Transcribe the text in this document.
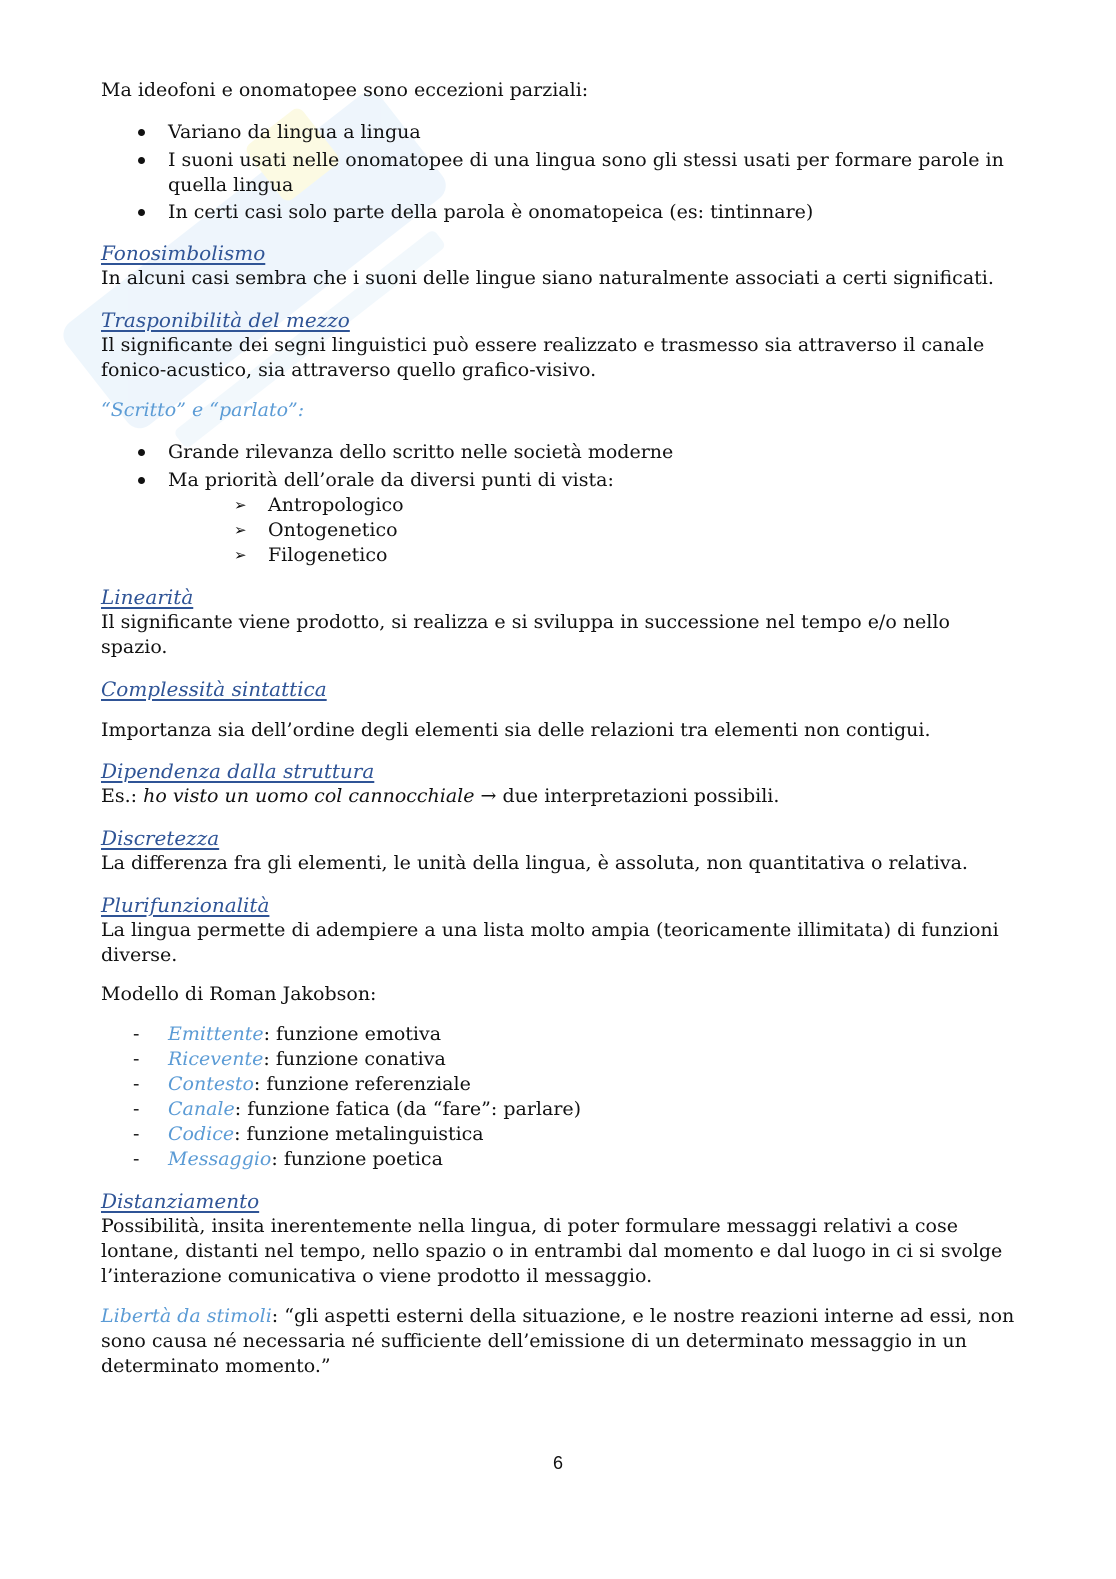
Ma ideofoni e onomatopee sono eccezioni parziali:

Variano da lingua a lingua
I suoni usati nelle onomatopee di una lingua sono gli stessi usati per formare parole in quella lingua
In certi casi solo parte della parola è onomatopeica (es: tintinnare)
Fonosimbolismo

In alcuni casi sembra che i suoni delle lingue siano naturalmente associati a certi significati.

Trasponibilità del mezzo

Il significante dei segni linguistici può essere realizzato e trasmesso sia attraverso il canale fonico-acustico, sia attraverso quello grafico-visivo.

“Scritto” e “parlato”:

Grande rilevanza dello scritto nelle società moderne
Ma priorità dell’orale da diversi punti di vista:
➢ Antropologico
➢ Ontogenetico
➢ Filogenetico
Linearità

Il significante viene prodotto, si realizza e si sviluppa in successione nel tempo e/o nello spazio.

Complessità sintattica

Importanza sia dell’ordine degli elementi sia delle relazioni tra elementi non contigui.

Dipendenza dalla struttura

Es.: ho visto un uomo col cannocchiale → due interpretazioni possibili.

Discretezza

La differenza fra gli elementi, le unità della lingua, è assoluta, non quantitativa o relativa.

Plurifunzionalità

La lingua permette di adempiere a una lista molto ampia (teoricamente illimitata) di funzioni diverse.

Modello di Roman Jakobson:

- Emittente: funzione emotiva
- Ricevente: funzione conativa
- Contesto: funzione referenziale
- Canale: funzione fatica (da “fare”: parlare)
- Codice: funzione metalinguistica
- Messaggio: funzione poetica
Distanziamento

Possibilità, insita inerentemente nella lingua, di poter formulare messaggi relativi a cose lontane, distanti nel tempo, nello spazio o in entrambi dal momento e dal luogo in ci si svolge l’interazione comunicativa o viene prodotto il messaggio.

Libertà da stimoli: “gli aspetti esterni della situazione, e le nostre reazioni interne ad essi, non sono causa né necessaria né sufficiente dell’emissione di un determinato messaggio in un determinato momento.”

6
